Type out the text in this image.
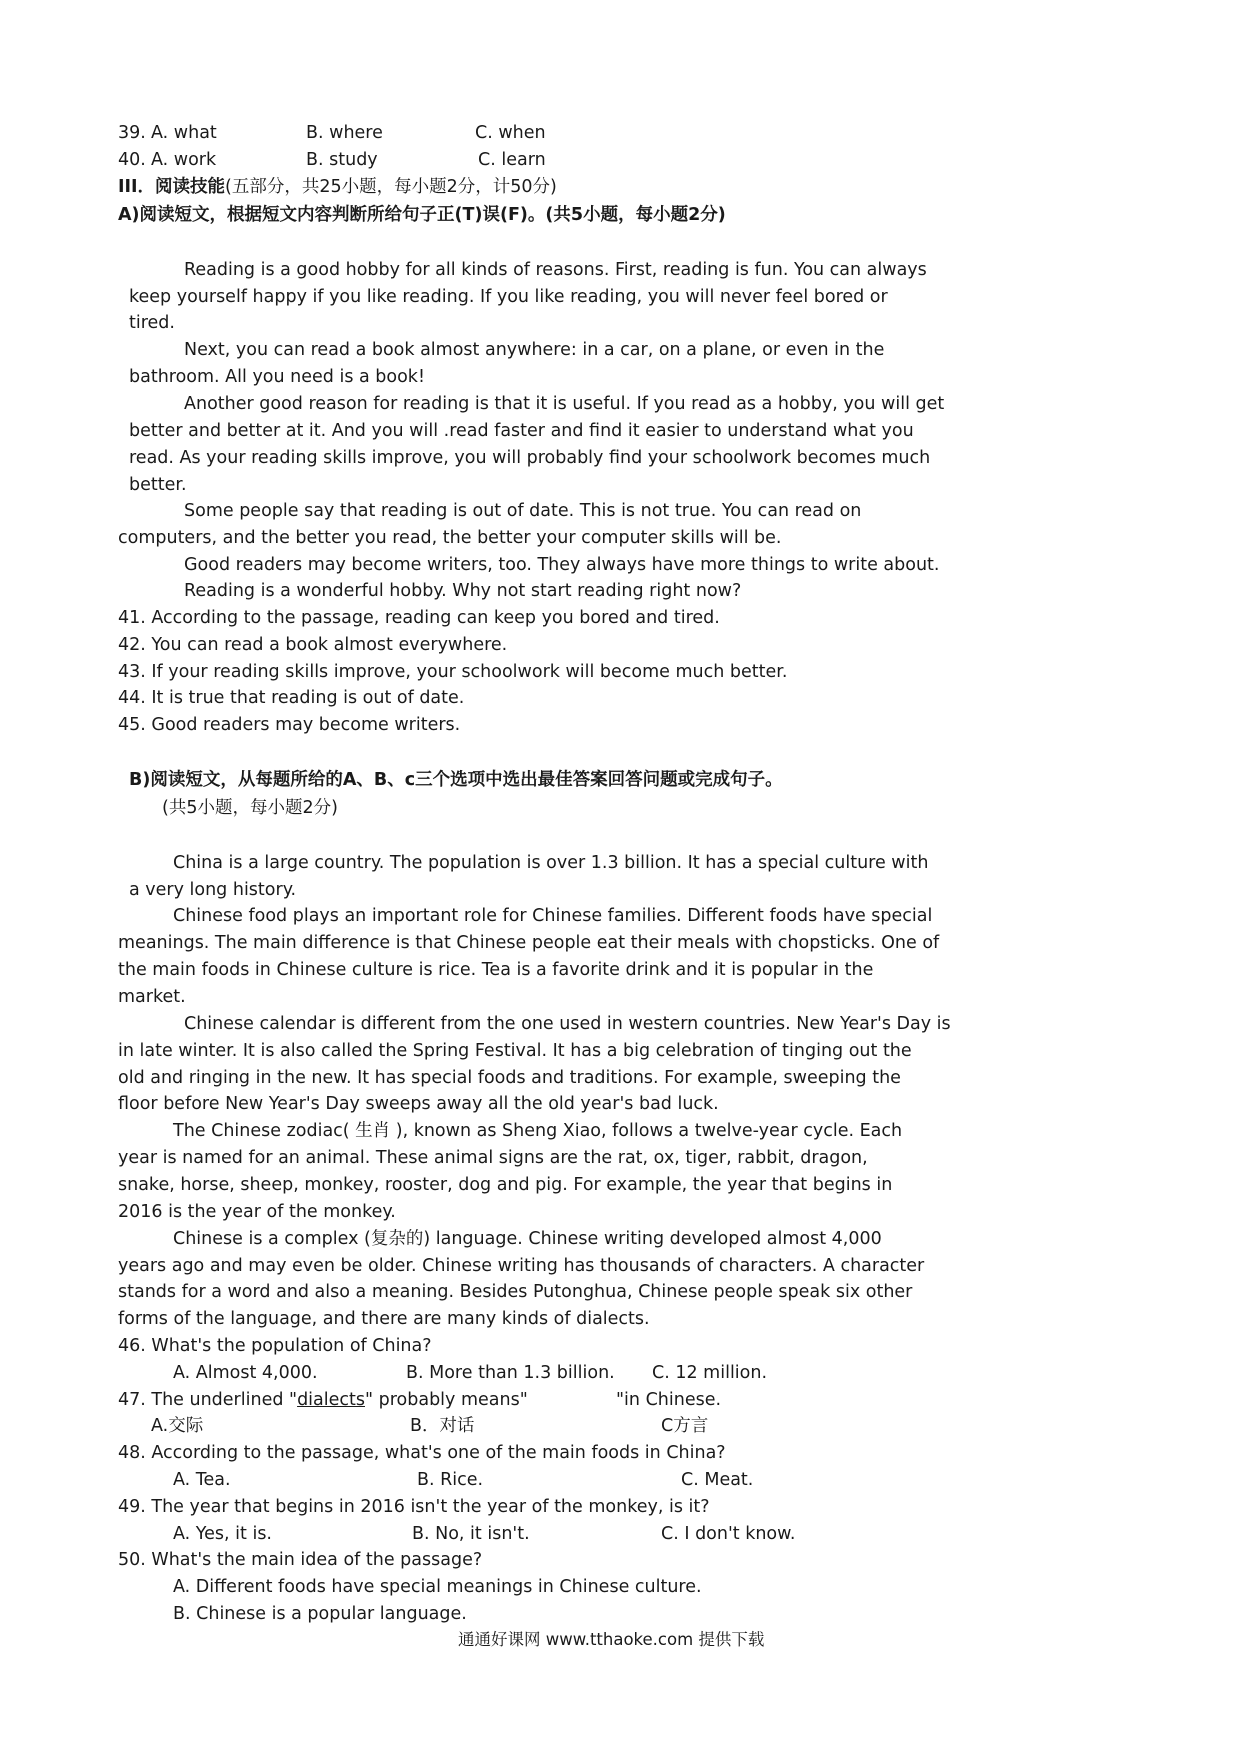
39. A. what	B. where	C. when
40. A. work	B. study	C. learn
III．阅读技能(五部分，共25小题，每小题2分，计50分)
A)阅读短文，根据短文内容判断所给句子正(T)误(F)。(共5小题，每小题2分)
Reading is a good hobby for all kinds of reasons. First, reading is fun. You can always
keep yourself happy if you like reading. If you like reading, you will never feel bored or
tired.
Next, you can read a book almost anywhere: in a car, on a plane, or even in the
bathroom. All you need is a book!
Another good reason for reading is that it is useful. If you read as a hobby, you will get
better and better at it. And you will .read faster and find it easier to understand what you
read. As your reading skills improve, you will probably find your schoolwork becomes much
better.
Some people say that reading is out of date. This is not true. You can read on
computers, and the better you read, the better your computer skills will be.
Good readers may become writers, too. They always have more things to write about.
Reading is a wonderful hobby. Why not start reading right now?
41. According to the passage, reading can keep you bored and tired.
42. You can read a book almost everywhere.
43. If your reading skills improve, your schoolwork will become much better.
44. It is true that reading is out of date.
45. Good readers may become writers.
B)阅读短文，从每题所给的A、B、c三个选项中选出最佳答案回答问题或完成句子。
(共5小题，每小题2分)
China is a large country. The population is over 1.3 billion. It has a special culture with
a very long history.
Chinese food plays an important role for Chinese families. Different foods have special
meanings. The main difference is that Chinese people eat their meals with chopsticks. One of
the main foods in Chinese culture is rice. Tea is a favorite drink and it is popular in the
market.
Chinese calendar is different from the one used in western countries. New Year's Day is
in late winter. It is also called the Spring Festival. It has a big celebration of tinging out the
old and ringing in the new. It has special foods and traditions. For example, sweeping the
floor before New Year's Day sweeps away all the old year's bad luck.
The Chinese zodiac( 生肖 ), known as Sheng Xiao, follows a twelve-year cycle. Each
year is named for an animal. These animal signs are the rat, ox, tiger, rabbit, dragon,
snake, horse, sheep, monkey, rooster, dog and pig. For example, the year that begins in
2016 is the year of the monkey.
Chinese is a complex (复杂的) language. Chinese writing developed almost 4,000
years ago and may even be older. Chinese writing has thousands of characters. A character
stands for a word and also a meaning. Besides Putonghua, Chinese people speak six other
forms of the language, and there are many kinds of dialects.
46. What's the population of China?
A. Almost 4,000.	B. More than 1.3 billion. C. 12 million.
47. The underlined "dialects" probably means"	"in Chinese.
A.交际	B．对话	C方言
48. According to the passage, what's one of the main foods in China?
A. Tea.	B. Rice.	C. Meat.
49. The year that begins in 2016 isn't the year of the monkey, is it?
A. Yes, it is.	B. No, it isn't.	C. I don't know.
50. What's the main idea of the passage?
A. Different foods have special meanings in Chinese culture.
B. Chinese is a popular language.
通通好课网 www.tthaoke.com 提供下载
